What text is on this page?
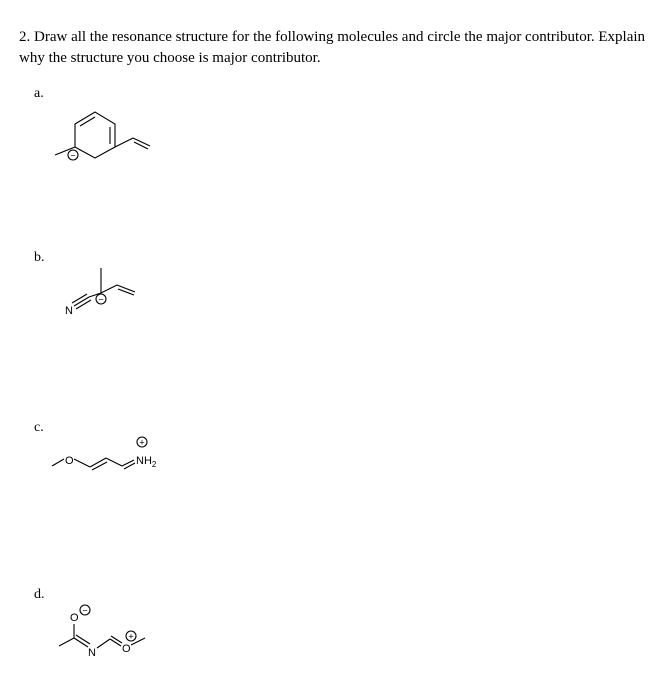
2. Draw all the resonance structure for the following molecules and circle the major contributor. Explain why the structure you choose is major contributor.

a.
−
b.
N
−
c.
O	$NH_2$
+
d.
−
O
N O
+
